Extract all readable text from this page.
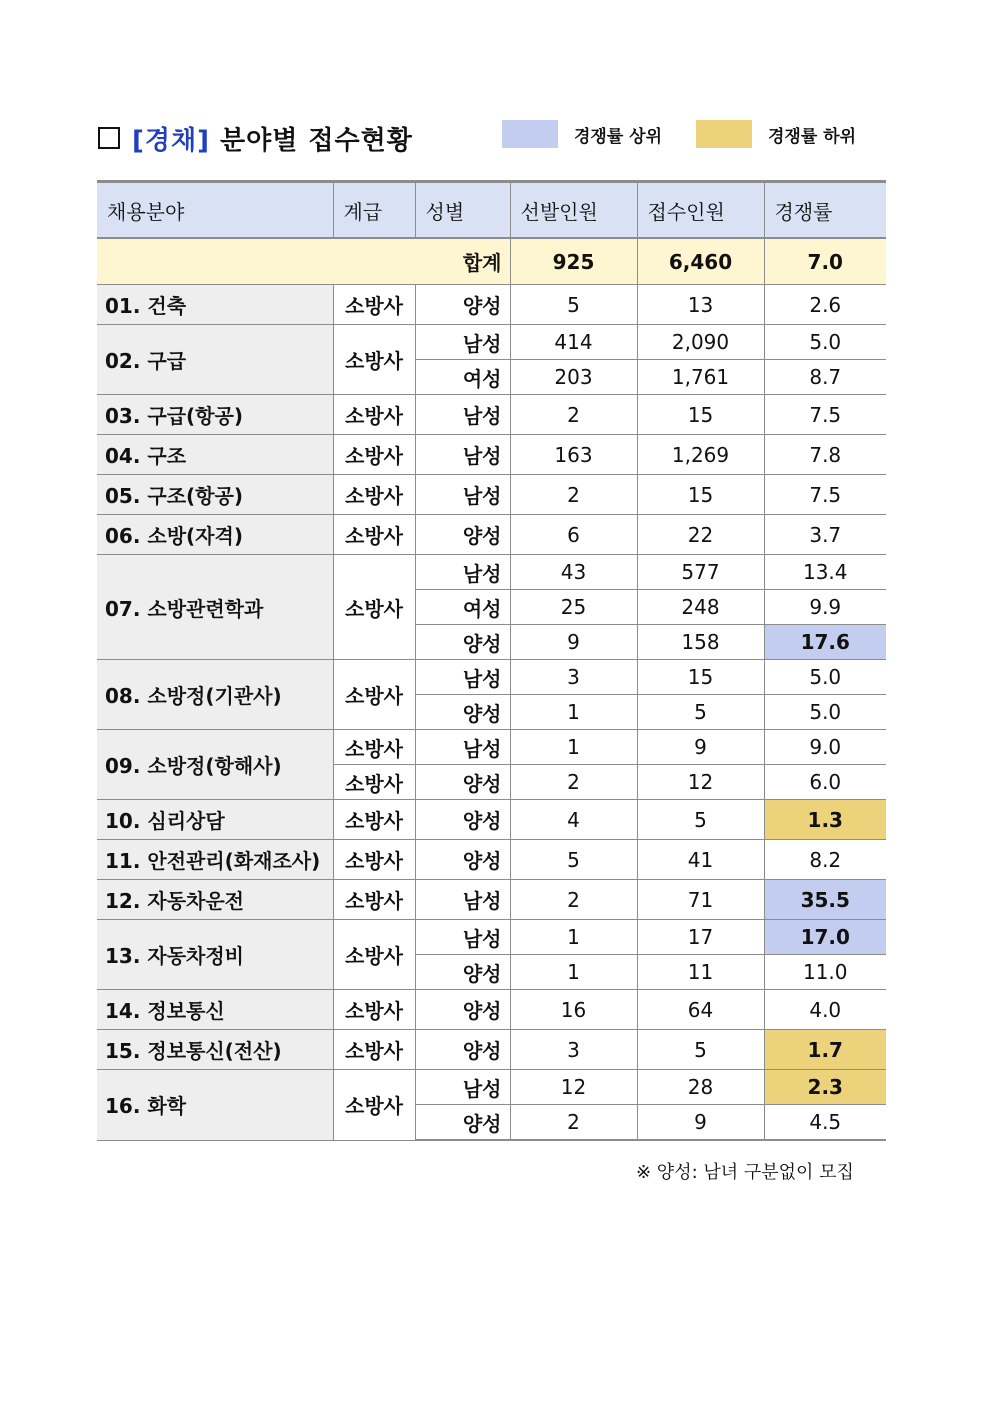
[경채] 분야별 접수현황	경쟁률 상위	경쟁률 하위
채용분야	계급	성별	선발인원	접수인원	경쟁률
합계			925	6,460	7.0
01. 건축	소방사	양성	5	13	2.6
02. 구급	소방사	남성	414	2,090	5.0
		여성	203	1,761	8.7
03. 구급(항공)	소방사	남성	2	15	7.5
04. 구조	소방사	남성	163	1,269	7.8
05. 구조(항공)	소방사	남성	2	15	7.5
06. 소방(자격)	소방사	양성	6	22	3.7
07. 소방관련학과	소방사	남성	43	577	13.4
		여성	25	248	9.9
		양성	9	158	17.6
08. 소방정(기관사)	소방사	남성	3	15	5.0
		양성	1	5	5.0
09. 소방정(항해사)	소방사	남성	1	9	9.0
	소방사	양성	2	12	6.0
10. 심리상담	소방사	양성	4	5	1.3
11. 안전관리(화재조사)	소방사	양성	5	41	8.2
12. 자동차운전	소방사	남성	2	71	35.5
13. 자동차정비	소방사	남성	1	17	17.0
		양성	1	11	11.0
14. 정보통신	소방사	양성	16	64	4.0
15. 정보통신(전산)	소방사	양성	3	5	1.7
16. 화학	소방사	남성	12	28	2.3
		양성	2	9	4.5
※ 양성: 남녀 구분없이 모집
